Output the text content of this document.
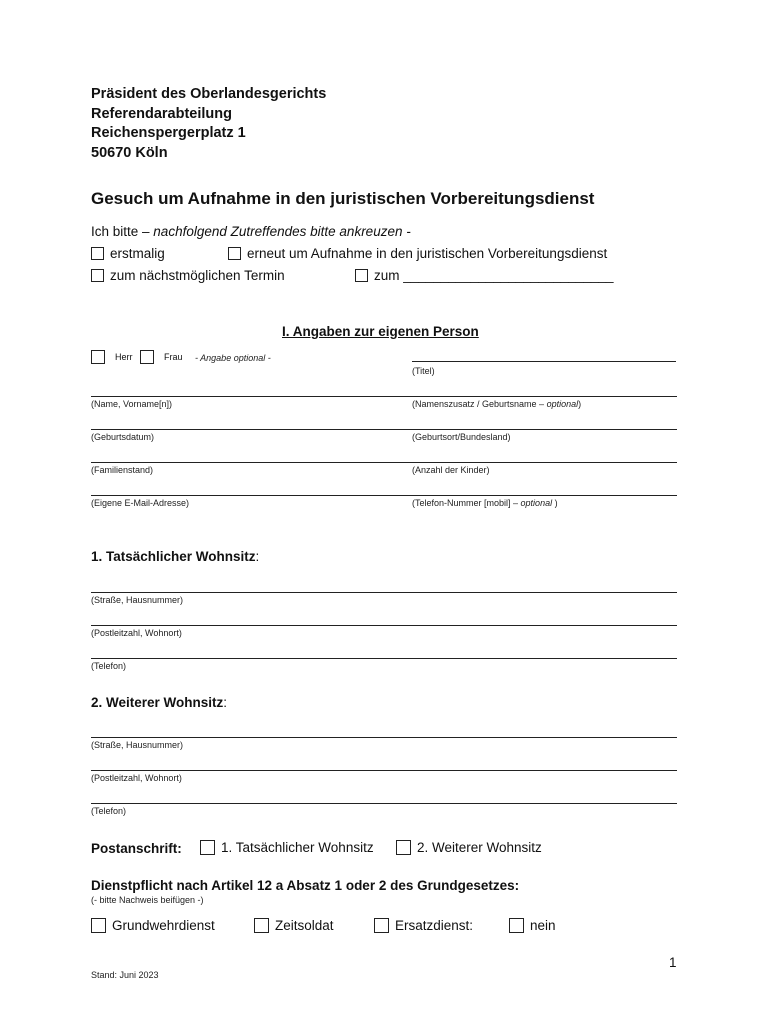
Präsident des Oberlandesgerichts
Referendarabteilung
Reichenspergerplatz 1
50670 Köln
Gesuch um Aufnahme in den juristischen Vorbereitungsdienst
Ich bitte – nachfolgend Zutreffendes bitte ankreuzen -
erstmalig	erneut um Aufnahme in den juristischen Vorbereitungsdienst
zum nächstmöglichen Termin	zum ____________________________
I. Angaben zur eigenen Person
Herr	Frau - Angabe optional -
(Titel)
(Name, Vorname[n])	(Namenszusatz / Geburtsname – optional)
(Geburtsdatum)	(Geburtsort/Bundesland)
(Familienstand)	(Anzahl der Kinder)
(Eigene E-Mail-Adresse)	(Telefon-Nummer [mobil] – optional )
1. Tatsächlicher Wohnsitz:
(Straße, Hausnummer)
(Postleitzahl, Wohnort)
(Telefon)
2. Weiterer Wohnsitz:
(Straße, Hausnummer)
(Postleitzahl, Wohnort)
(Telefon)
Postanschrift:	1. Tatsächlicher Wohnsitz	2. Weiterer Wohnsitz
Dienstpflicht nach Artikel 12 a Absatz 1 oder 2 des Grundgesetzes:
(- bitte Nachweis beifügen -)
Grundwehrdienst	Zeitsoldat	Ersatzdienst:	nein
1
Stand: Juni 2023
